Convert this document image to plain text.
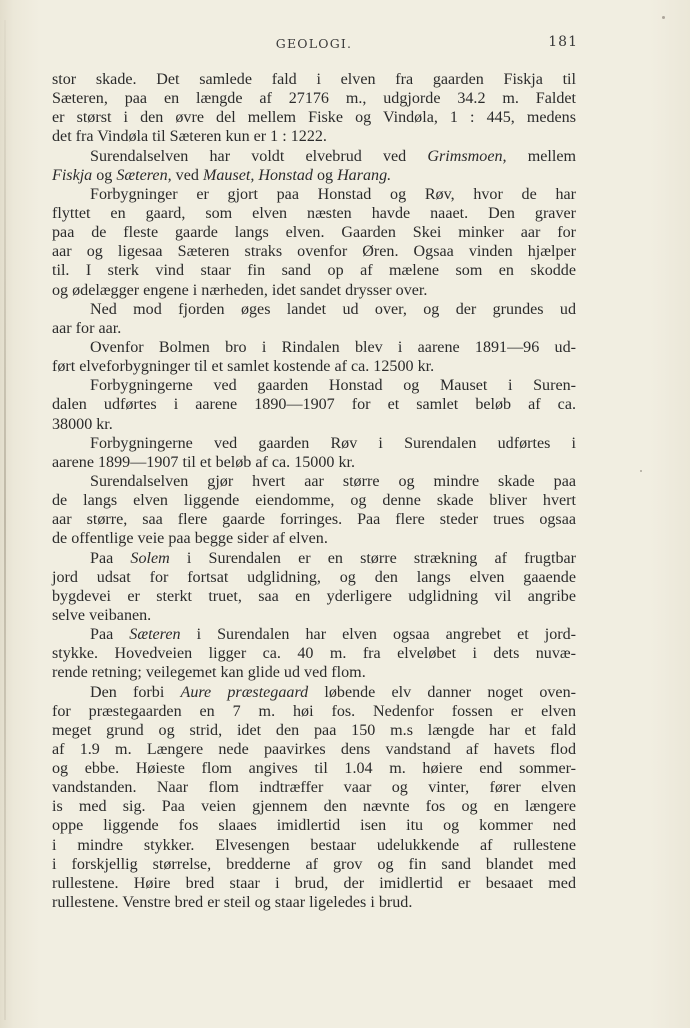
GEOLOGI.	181
stor skade. Det samlede fald i elven fra gaarden Fiskja til
Sæteren, paa en længde af 27176 m., udgjorde 34.2 m. Faldet
er størst i den øvre del mellem Fiske og Vindøla, 1 : 445, medens
det fra Vindøla til Sæteren kun er 1 : 1222.
Surendalselven har voldt elvebrud ved Grimsmoen, mellem
Fiskja og Sæteren, ved Mauset, Honstad og Harang.
Forbygninger er gjort paa Honstad og Røv, hvor de har
flyttet en gaard, som elven næsten havde naaet. Den graver
paa de fleste gaarde langs elven. Gaarden Skei minker aar for
aar og ligesaa Sæteren straks ovenfor Øren. Ogsaa vinden hjælper
til. I sterk vind staar fin sand op af mælene som en skodde
og ødelægger engene i nærheden, idet sandet drysser over.
Ned mod fjorden øges landet ud over, og der grundes ud
aar for aar.
Ovenfor Bolmen bro i Rindalen blev i aarene 1891—96 ud-
ført elveforbygninger til et samlet kostende af ca. 12500 kr.
Forbygningerne ved gaarden Honstad og Mauset i Suren-
dalen udførtes i aarene 1890—1907 for et samlet beløb af ca.
38000 kr.
Forbygningerne ved gaarden Røv i Surendalen udførtes i
aarene 1899—1907 til et beløb af ca. 15000 kr.
Surendalselven gjør hvert aar større og mindre skade paa
de langs elven liggende eiendomme, og denne skade bliver hvert
aar større, saa flere gaarde forringes. Paa flere steder trues ogsaa
de offentlige veie paa begge sider af elven.
Paa Solem i Surendalen er en større strækning af frugtbar
jord udsat for fortsat udglidning, og den langs elven gaaende
bygdevei er sterkt truet, saa en yderligere udglidning vil angribe
selve veibanen.
Paa Sæteren i Surendalen har elven ogsaa angrebet et jord-
stykke. Hovedveien ligger ca. 40 m. fra elveløbet i dets nuvæ-
rende retning; veilegemet kan glide ud ved flom.
Den forbi Aure præstegaard løbende elv danner noget oven-
for præstegaarden en 7 m. høi fos. Nedenfor fossen er elven
meget grund og strid, idet den paa 150 m.s længde har et fald
af 1.9 m. Længere nede paavirkes dens vandstand af havets flod
og ebbe. Høieste flom angives til 1.04 m. høiere end sommer-
vandstanden. Naar flom indtræffer vaar og vinter, fører elven
is med sig. Paa veien gjennem den nævnte fos og en længere
oppe liggende fos slaaes imidlertid isen itu og kommer ned
i mindre stykker. Elvesengen bestaar udelukkende af rullestene
i forskjellig størrelse, bredderne af grov og fin sand blandet med
rullestene. Høire bred staar i brud, der imidlertid er besaaet med
rullestene. Venstre bred er steil og staar ligeledes i brud.
